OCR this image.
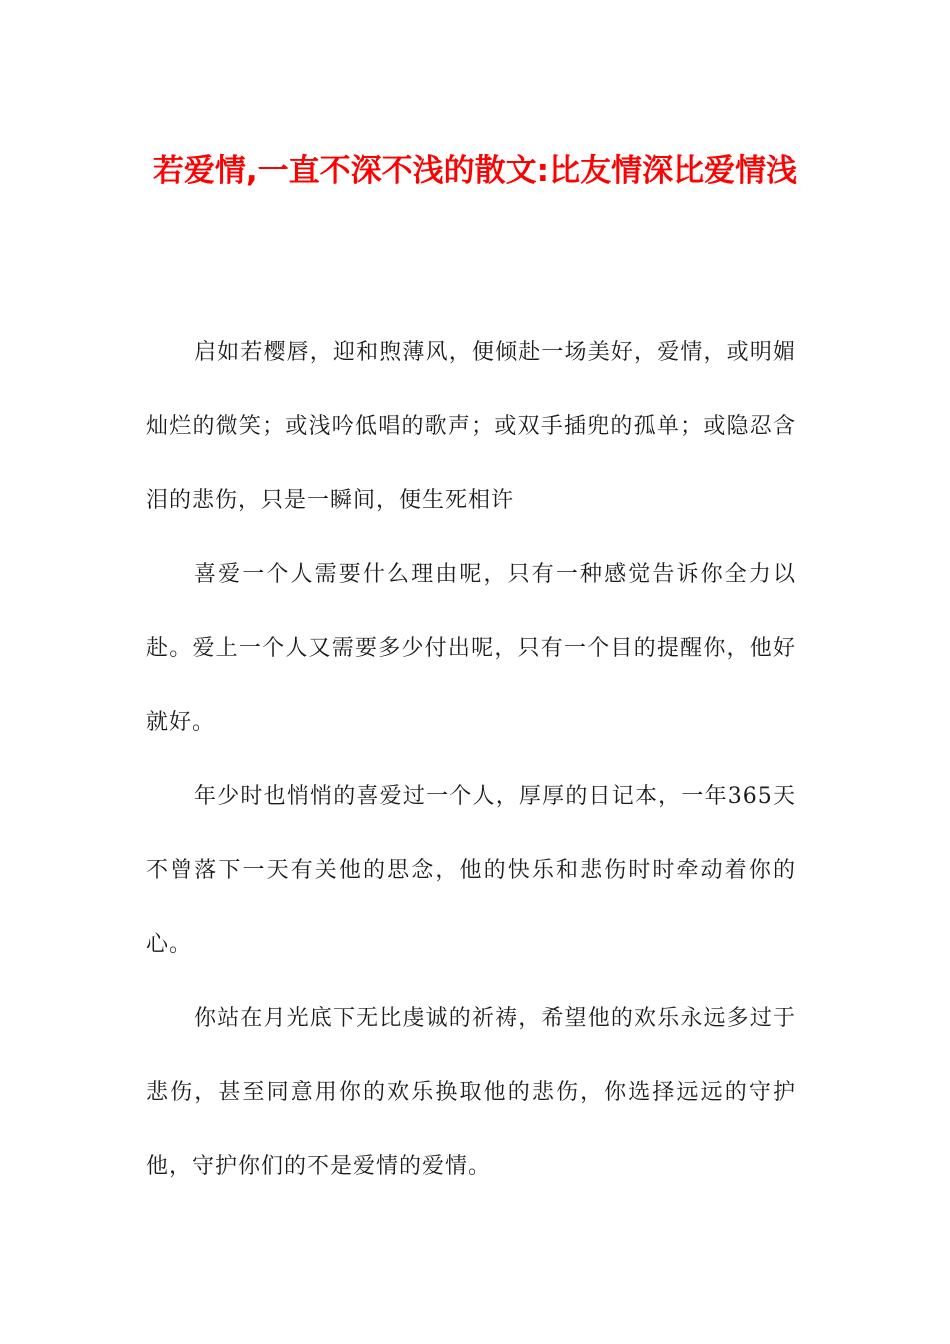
若爱情,一直不深不浅的散文:比友情深比爱情浅

启如若樱唇，迎和煦薄风，便倾赴一场美好，爱情，或明媚灿烂的微笑；或浅吟低唱的歌声；或双手插兜的孤单；或隐忍含泪的悲伤，只是一瞬间，便生死相许

喜爱一个人需要什么理由呢，只有一种感觉告诉你全力以赴。爱上一个人又需要多少付出呢，只有一个目的提醒你，他好就好。

年少时也悄悄的喜爱过一个人，厚厚的日记本，一年365天不曾落下一天有关他的思念，他的快乐和悲伤时时牵动着你的心。

你站在月光底下无比虔诚的祈祷，希望他的欢乐永远多过于悲伤，甚至同意用你的欢乐换取他的悲伤，你选择远远的守护他，守护你们的不是爱情的爱情。
